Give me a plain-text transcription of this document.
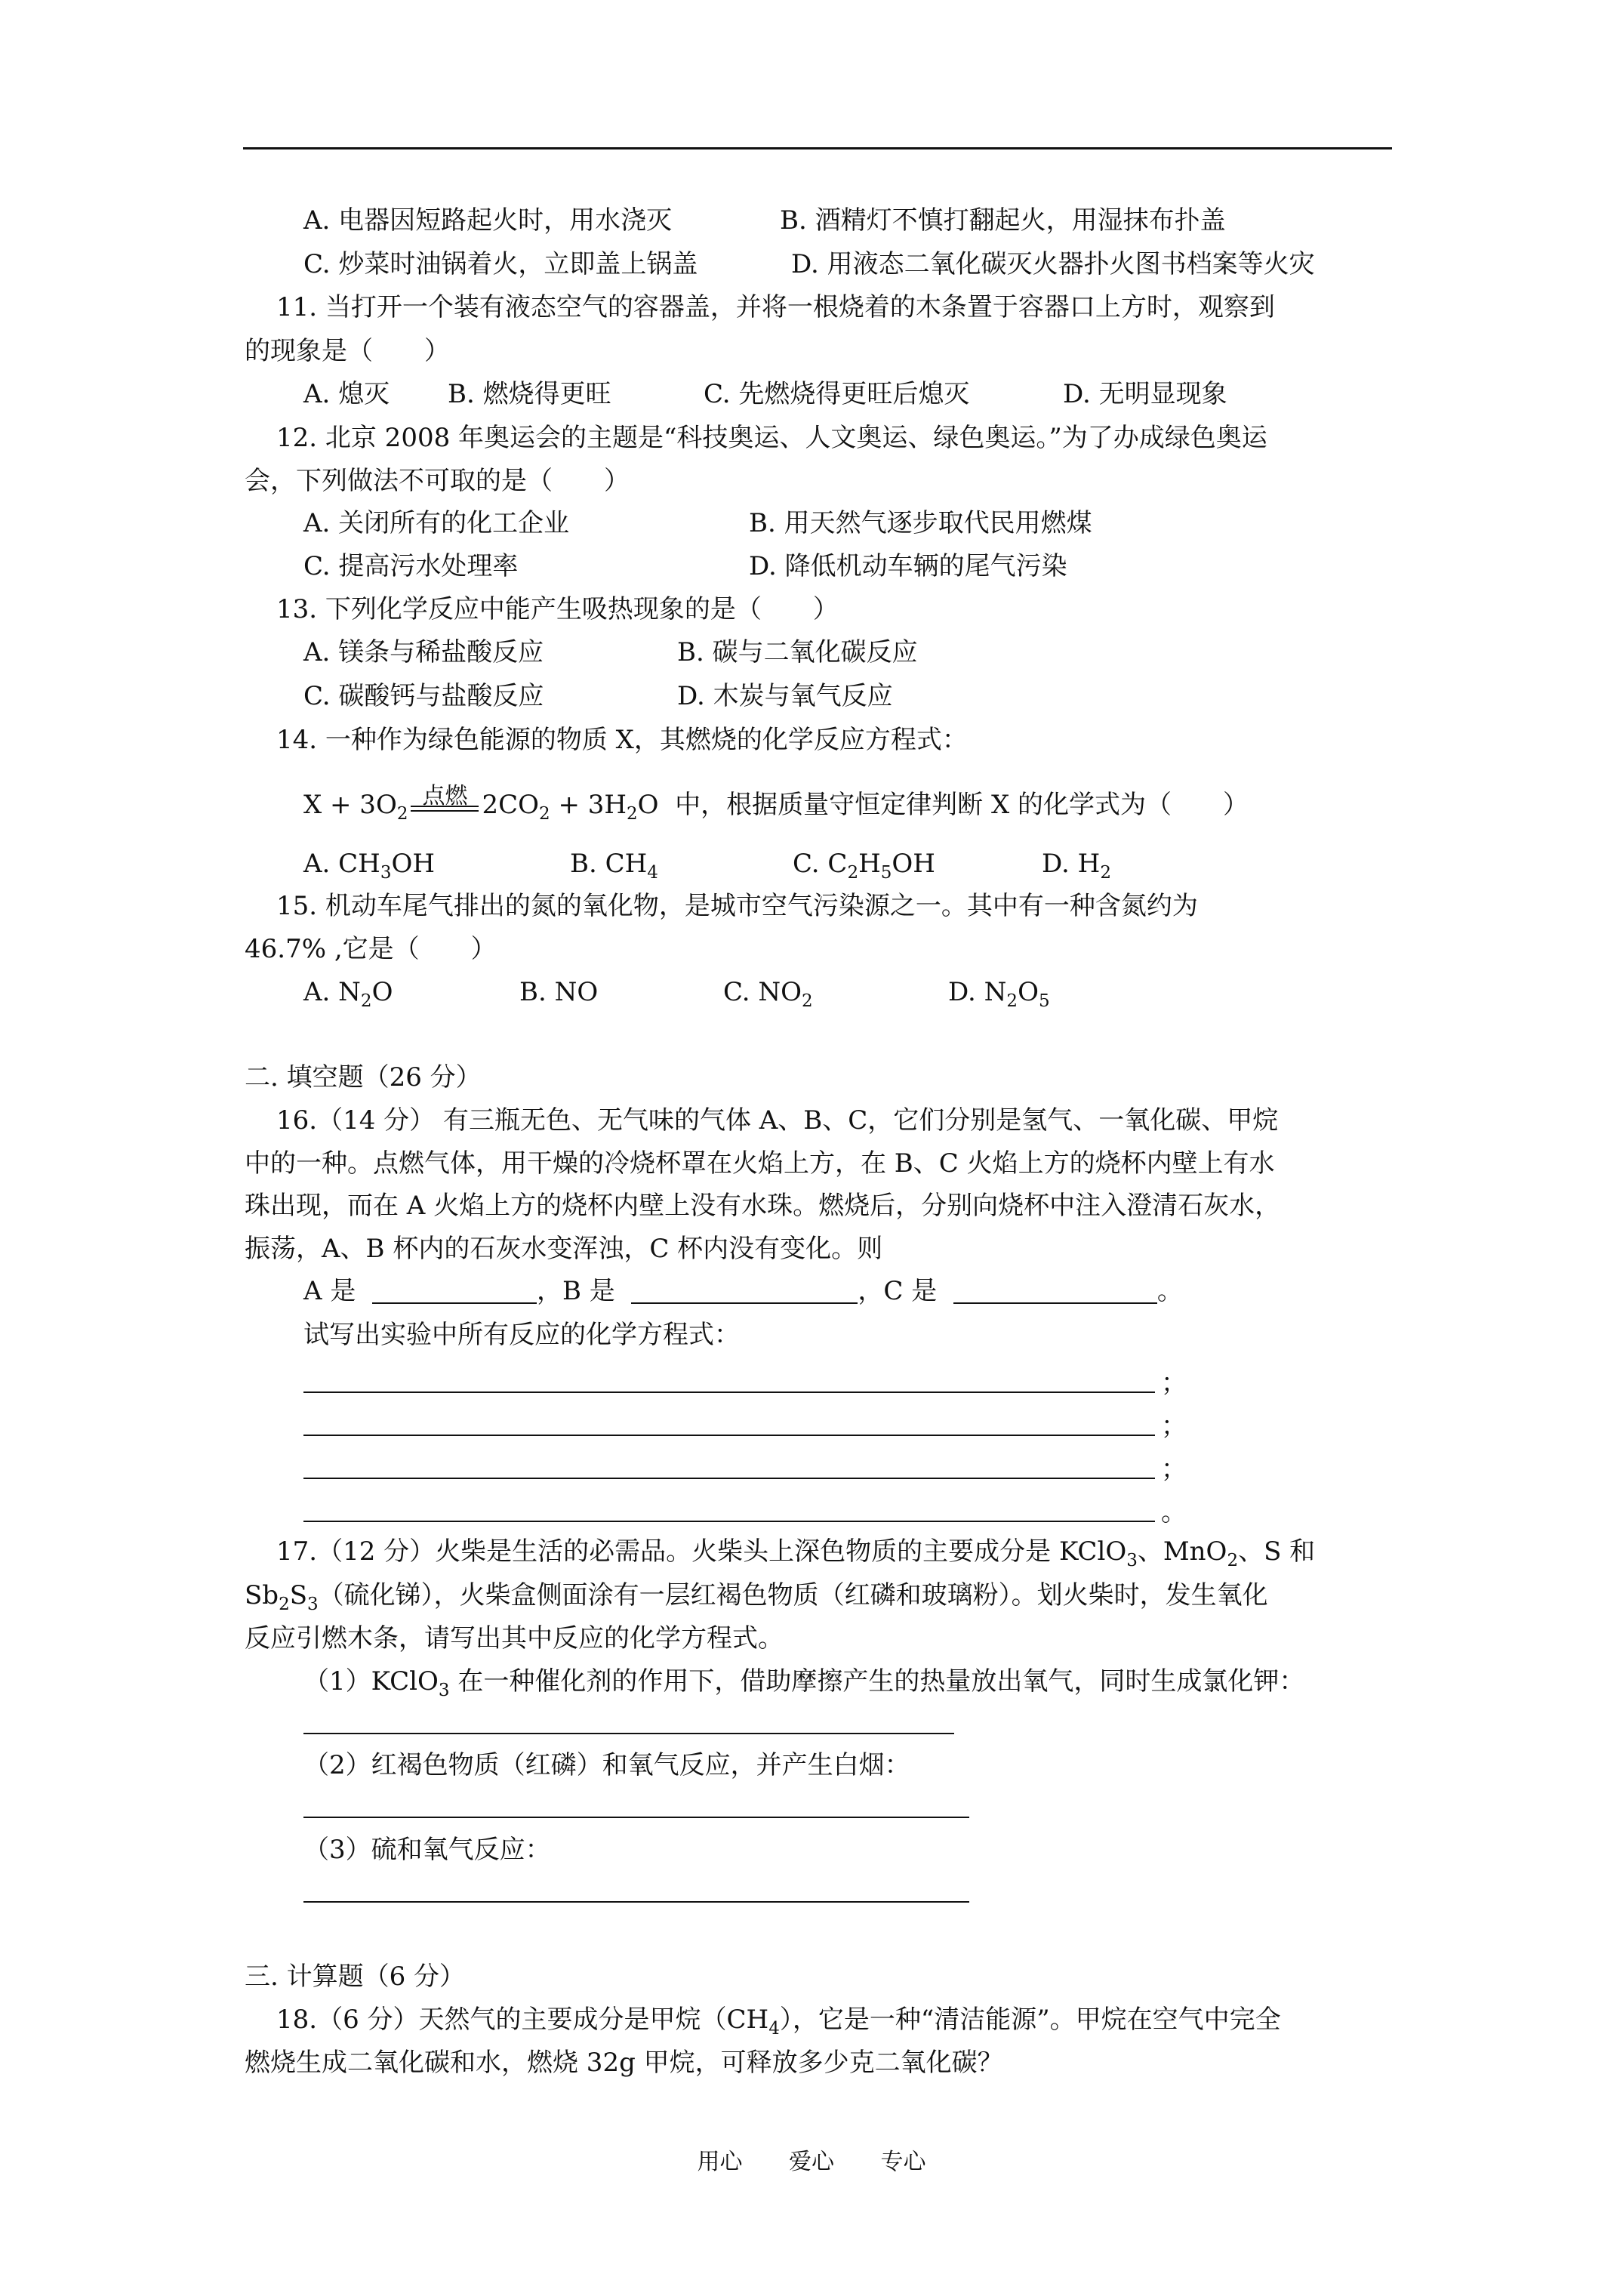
A. 电器因短路起火时，用水浇灭	B. 酒精灯不慎打翻起火，用湿抹布扑盖
C. 炒菜时油锅着火，立即盖上锅盖	D. 用液态二氧化碳灭火器扑火图书档案等火灾
11. 当打开一个装有液态空气的容器盖，并将一根烧着的木条置于容器口上方时，观察到
的现象是（　　）
A. 熄灭 B. 燃烧得更旺	C. 先燃烧得更旺后熄灭	D. 无明显现象
12. 北京 2008 年奥运会的主题是“科技奥运、人文奥运、绿色奥运。”为了办成绿色奥运
会，下列做法不可取的是（　　）
A. 关闭所有的化工企业	B. 用天然气逐步取代民用燃煤
C. 提高污水处理率	D. 降低机动车辆的尾气污染
13. 下列化学反应中能产生吸热现象的是（　　）
A. 镁条与稀盐酸反应	B. 碳与二氧化碳反应
C. 碳酸钙与盐酸反应	D. 木炭与氧气反应
14. 一种作为绿色能源的物质 X，其燃烧的化学反应方程式：
$X + 3O_2$
点燃 $2CO_2 + 3H_2O$ 中，根据质量守恒定律判断 X 的化学式为（　　）
A. $CH_3OH$	B. $CH_4$	C. $C_2H_5OH$	D. $H_2$
15. 机动车尾气排出的氮的氧化物，是城市空气污染源之一。其中有一种含氮约为
46.7% ,它是（　　）
A. $N_2O$	B. NO	C. $NO_2$	D. $N_2O_5$
二. 填空题（26 分）
16.（14 分） 有三瓶无色、无气味的气体 A、B、C，它们分别是氢气、一氧化碳、甲烷
中的一种。点燃气体，用干燥的冷烧杯罩在火焰上方，在 B、C 火焰上方的烧杯内壁上有水
珠出现，而在 A 火焰上方的烧杯内壁上没有水珠。燃烧后，分别向烧杯中注入澄清石灰水，
振荡，A、B 杯内的石灰水变浑浊，C 杯内没有变化。则
A 是	，B 是	，C 是	。
试写出实验中所有反应的化学方程式：
；
；
；
。
17.（12 分）火柴是生活的必需品。火柴头上深色物质的主要成分是 KClO$_3$、MnO$_2$、S 和
$Sb_2S_3$（硫化锑），火柴盒侧面涂有一层红褐色物质（红磷和玻璃粉）。划火柴时，发生氧化
反应引燃木条，请写出其中反应的化学方程式。
（1）KClO$_3$ 在一种催化剂的作用下，借助摩擦产生的热量放出氧气，同时生成氯化钾：
（2）红褐色物质（红磷）和氧气反应，并产生白烟：
（3）硫和氧气反应：
三. 计算题（6 分）
18.（6 分）天然气的主要成分是甲烷$(CH_4)$，它是一种“清洁能源”。甲烷在空气中完全
燃烧生成二氧化碳和水，燃烧 32g 甲烷，可释放多少克二氧化碳？
用心 爱心 专心
